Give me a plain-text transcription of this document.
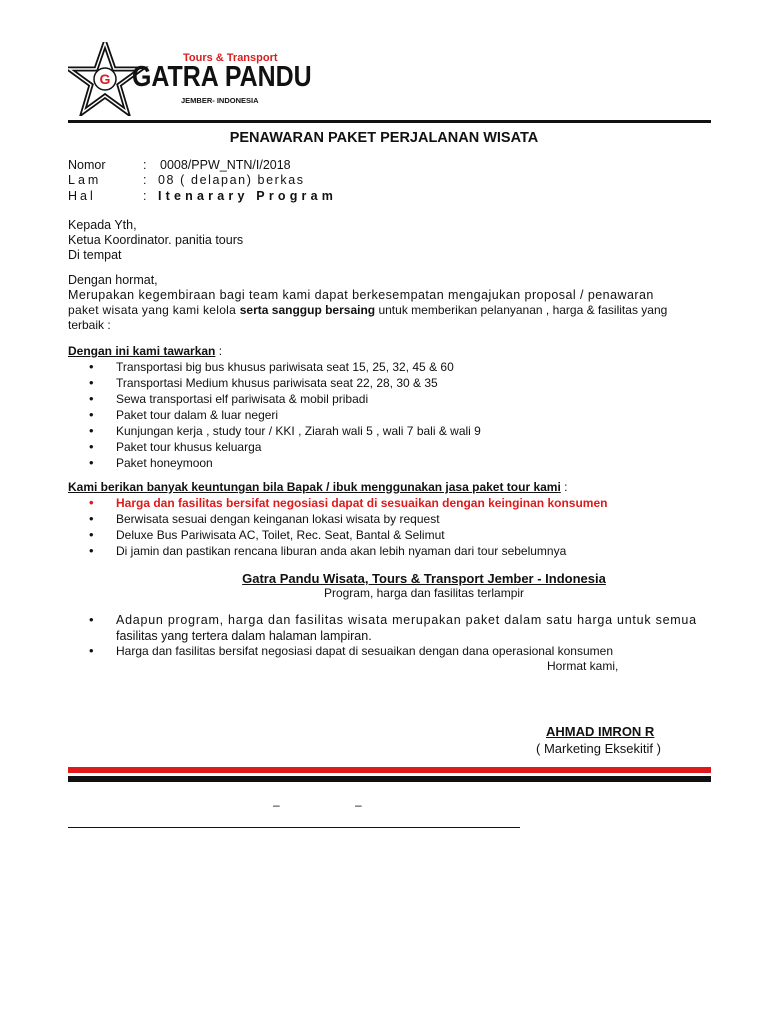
G
Tours & Transport
GATRA PANDU
JEMBER- INDONESIA
PENAWARAN PAKET PERJALANAN WISATA
Nomor	: 0008/PPW_NTN/I/2018
Lam	: 08 ( delapan) berkas
Hal	: Itenarary Program
Kepada Yth,
Ketua Koordinator. panitia tours
Di tempat
Dengan hormat,
Merupakan kegembiraan bagi team kami dapat berkesempatan mengajukan proposal / penawaran
paket wisata yang kami kelola serta sanggup bersaing untuk memberikan pelanyanan , harga & fasilitas yang
terbaik :
Dengan ini kami tawarkan :
• Transportasi big bus khusus pariwisata seat 15, 25, 32, 45 & 60
• Transportasi Medium khusus pariwisata seat 22, 28, 30 & 35
• Sewa transportasi elf pariwisata & mobil pribadi
• Paket tour dalam & luar negeri
• Kunjungan kerja , study tour / KKI , Ziarah wali 5 , wali 7 bali & wali 9
• Paket tour khusus keluarga
• Paket honeymoon
Kami berikan banyak keuntungan bila Bapak / ibuk menggunakan jasa paket tour kami :
• Harga dan fasilitas bersifat negosiasi dapat di sesuaikan dengan keinginan konsumen
• Berwisata sesuai dengan keinganan lokasi wisata by request
• Deluxe Bus Pariwisata AC, Toilet, Rec. Seat, Bantal & Selimut
• Di jamin dan pastikan rencana liburan anda akan lebih nyaman dari tour sebelumnya
Gatra Pandu Wisata, Tours & Transport Jember - Indonesia
Program, harga dan fasilitas terlampir
• Adapun program, harga dan fasilitas wisata merupakan paket dalam satu harga untuk semua
fasilitas yang tertera dalam halaman lampiran.
• Harga dan fasilitas bersifat negosiasi dapat di sesuaikan dengan dana operasional konsumen
Hormat kami,
AHMAD IMRON R
( Marketing Eksekitif )
–	–
